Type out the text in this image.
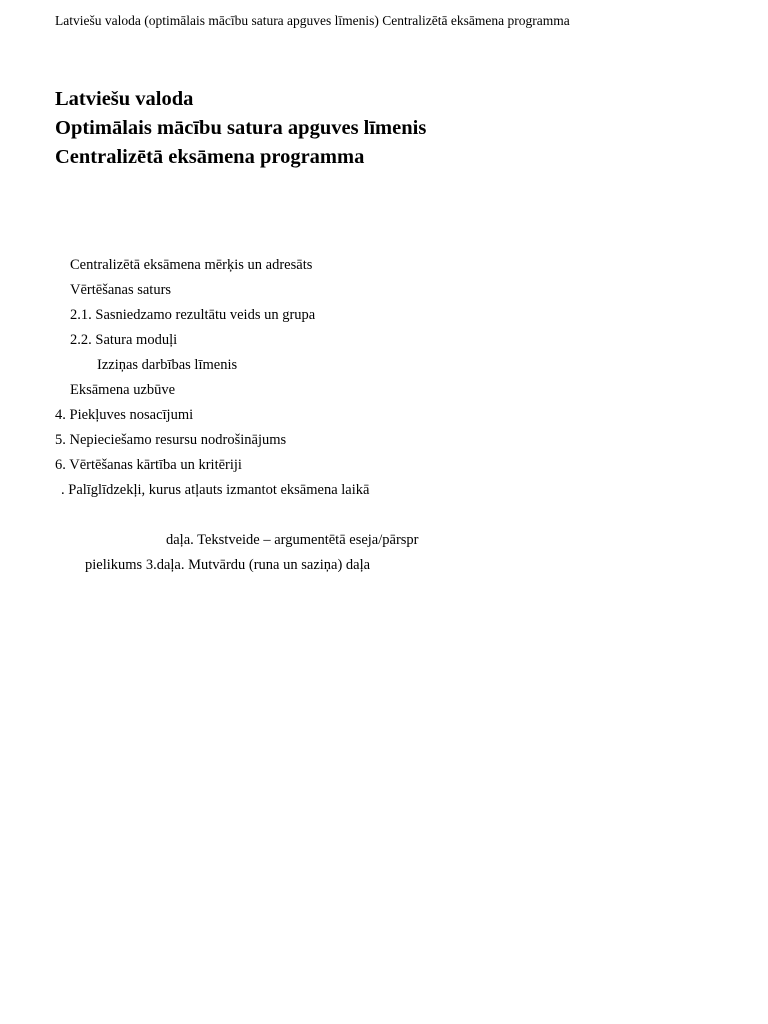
Latviešu valoda (optimālais mācību satura apguves līmenis) Centralizētā eksāmena programma
Latviešu valoda
Optimālais mācību satura apguves līmenis
Centralizētā eksāmena programma
Centralizētā eksāmena mērķis un adresāts
Vērtēšanas saturs
2.1. Sasniedzamo rezultātu veids un grupa
2.2. Satura moduļi
Izziņas darbības līmenis
Eksāmena uzbūve
4. Piekļuves nosacījumi
5. Nepieciešamo resursu nodrošinājums
6. Vērtēšanas kārtība un kritēriji
. Palīglīdzekļi, kurus atļauts izmantot eksāmena laikā
daļa. Tekstveide – argumentētā eseja/pārspr
pielikums 3.daļa. Mutvārdu (runa un saziņa) daļa
